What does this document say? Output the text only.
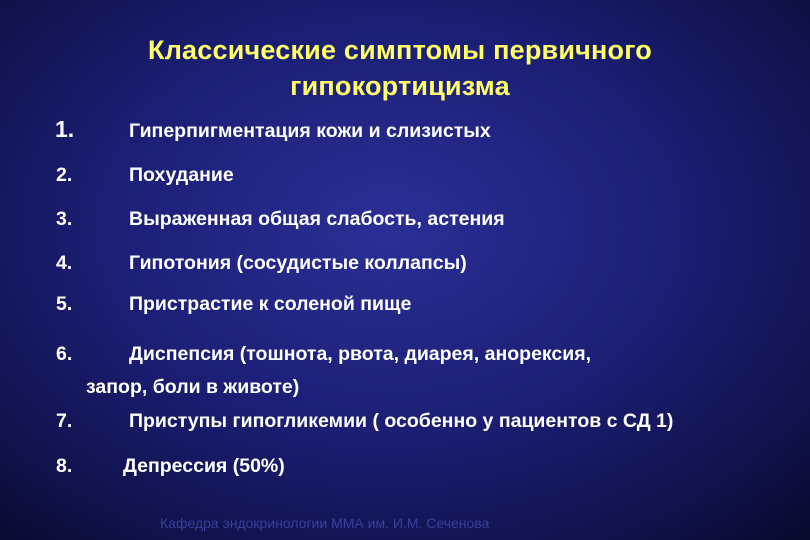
Классические симптомы первичного
гипокортицизма
1.	Гиперпигментация кожи и слизистых
2.	Похудание
3.	Выраженная общая слабость, астения
4.	Гипотония (сосудистые коллапсы)
5.	Пристрастие к соленой пище
6.	Диспепсия (тошнота, рвота, диарея, анорексия,
запор, боли в животе)
7.	Приступы гипогликемии ( особенно у пациентов с СД 1)
8.	Депрессия (50%)
Кафедра эндокринологии ММА им. И.М. Сеченова
